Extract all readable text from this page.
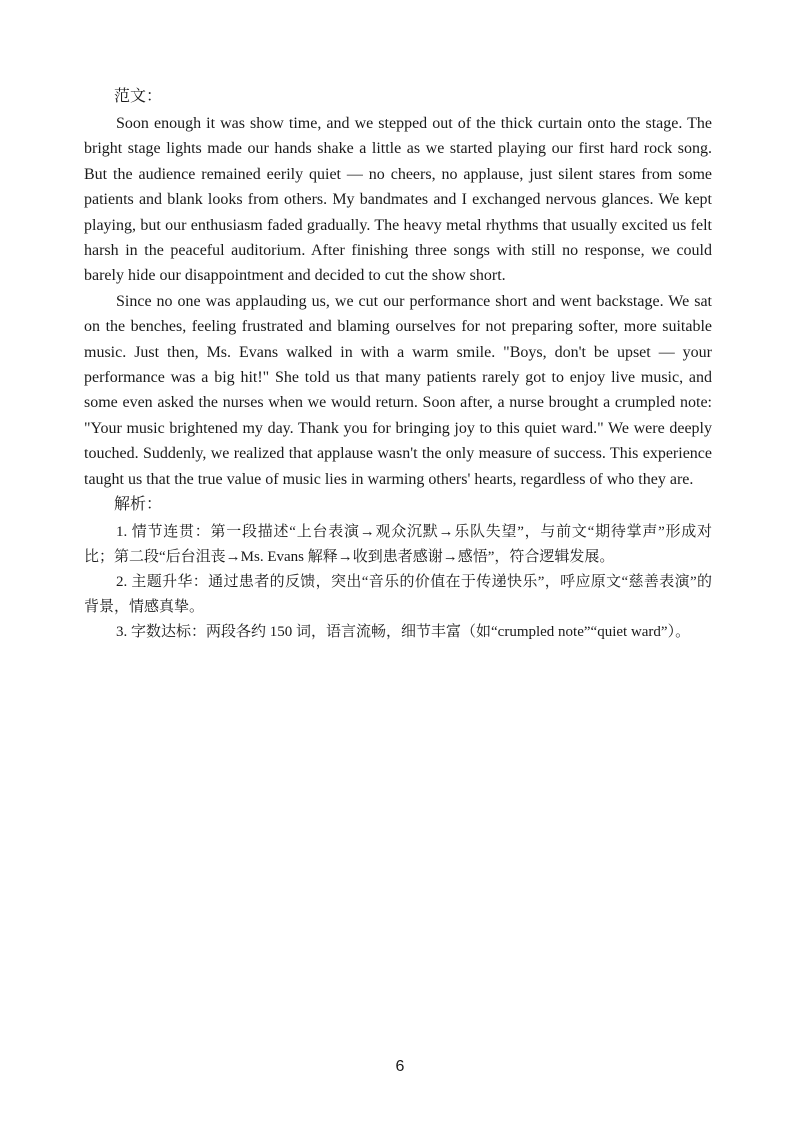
范文：

Soon enough it was show time, and we stepped out of the thick curtain onto the stage. The bright stage lights made our hands shake a little as we started playing our first hard rock song. But the audience remained eerily quiet — no cheers, no applause, just silent stares from some patients and blank looks from others. My bandmates and I exchanged nervous glances. We kept playing, but our enthusiasm faded gradually. The heavy metal rhythms that usually excited us felt harsh in the peaceful auditorium. After finishing three songs with still no response, we could barely hide our disappointment and decided to cut the show short.

Since no one was applauding us, we cut our performance short and went backstage. We sat on the benches, feeling frustrated and blaming ourselves for not preparing softer, more suitable music. Just then, Ms. Evans walked in with a warm smile. "Boys, don't be upset — your performance was a big hit!" She told us that many patients rarely got to enjoy live music, and some even asked the nurses when we would return. Soon after, a nurse brought a crumpled note: "Your music brightened my day. Thank you for bringing joy to this quiet ward." We were deeply touched. Suddenly, we realized that applause wasn't the only measure of success. This experience taught us that the true value of music lies in warming others' hearts, regardless of who they are.

解析：

1. 情节连贯：第一段描述“上台表演→观众沉默→乐队失望”，与前文“期待掌声”形成对比；第二段“后台沮丧→Ms. Evans 解释→收到患者感谢→感悟”，符合逻辑发展。

2. 主题升华：通过患者的反馈，突出“音乐的价值在于传递快乐”，呼应原文“慈善表演”的背景，情感真挚。

3. 字数达标：两段各约 150 词，语言流畅，细节丰富（如“crumpled note”“quiet ward”）。

6
